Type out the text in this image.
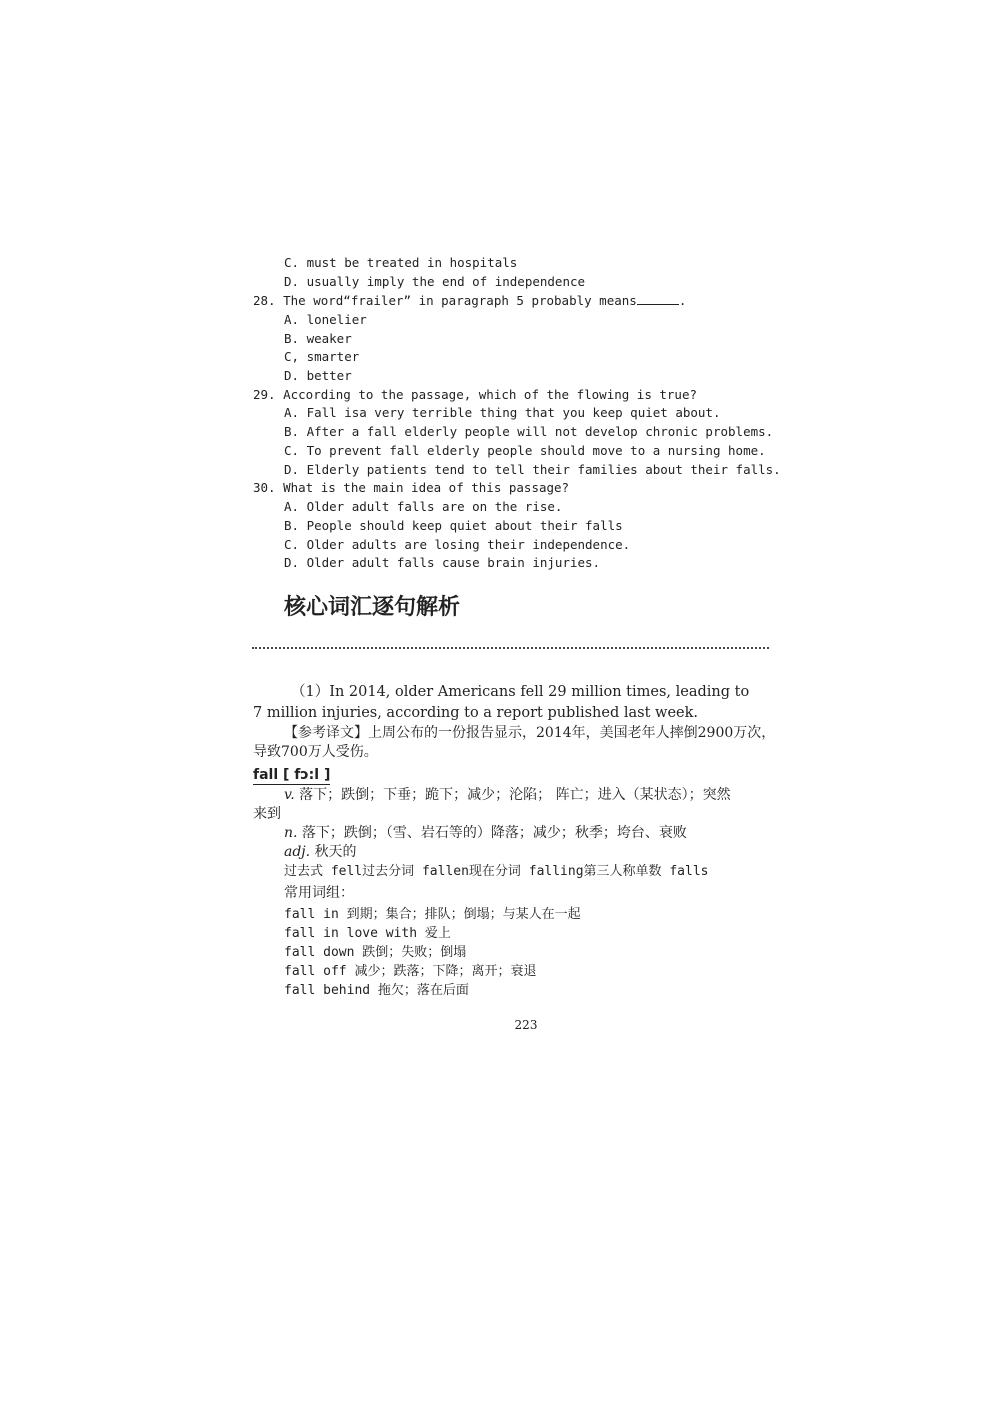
C. must be treated in hospitals
D. usually imply the end of independence
28. The word“frailer” in paragraph 5 probably means	.
A. lonelier
B. weaker
C, smarter
D. better
29. According to the passage, which of the flowing is true?
A. Fall isa very terrible thing that you keep quiet about.
B. After a fall elderly people will not develop chronic problems.
C. To prevent fall elderly people should move to a nursing home.
D. Elderly patients tend to tell their families about their falls.
30. What is the main idea of this passage?
A. Older adult falls are on the rise.
B. People should keep quiet about their falls
C. Older adults are losing their independence.
D. Older adult falls cause brain injuries.
核心词汇逐句解析
（1）In 2014, older Americans fell 29 million times, leading to
7 million injuries, according to a report published last week.
【参考译文】上周公布的一份报告显示，2014年，美国老年人摔倒2900万次，
导致700万人受伤。
fall [ fɔ:l ]
v. 落下；跌倒；下垂；跪下；减少；沦陷； 阵亡；进入（某状态）；突然
来到
n. 落下；跌倒；（雪、岩石等的）降落；减少；秋季；垮台、衰败
adj. 秋天的
过去式 fell过去分词 fallen现在分词 falling第三人称单数 falls
常用词组：
fall in 到期；集合；排队；倒塌；与某人在一起
fall in love with 爱上
fall down 跌倒；失败；倒塌
fall off 减少；跌落；下降；离开；衰退
fall behind 拖欠；落在后面
223
